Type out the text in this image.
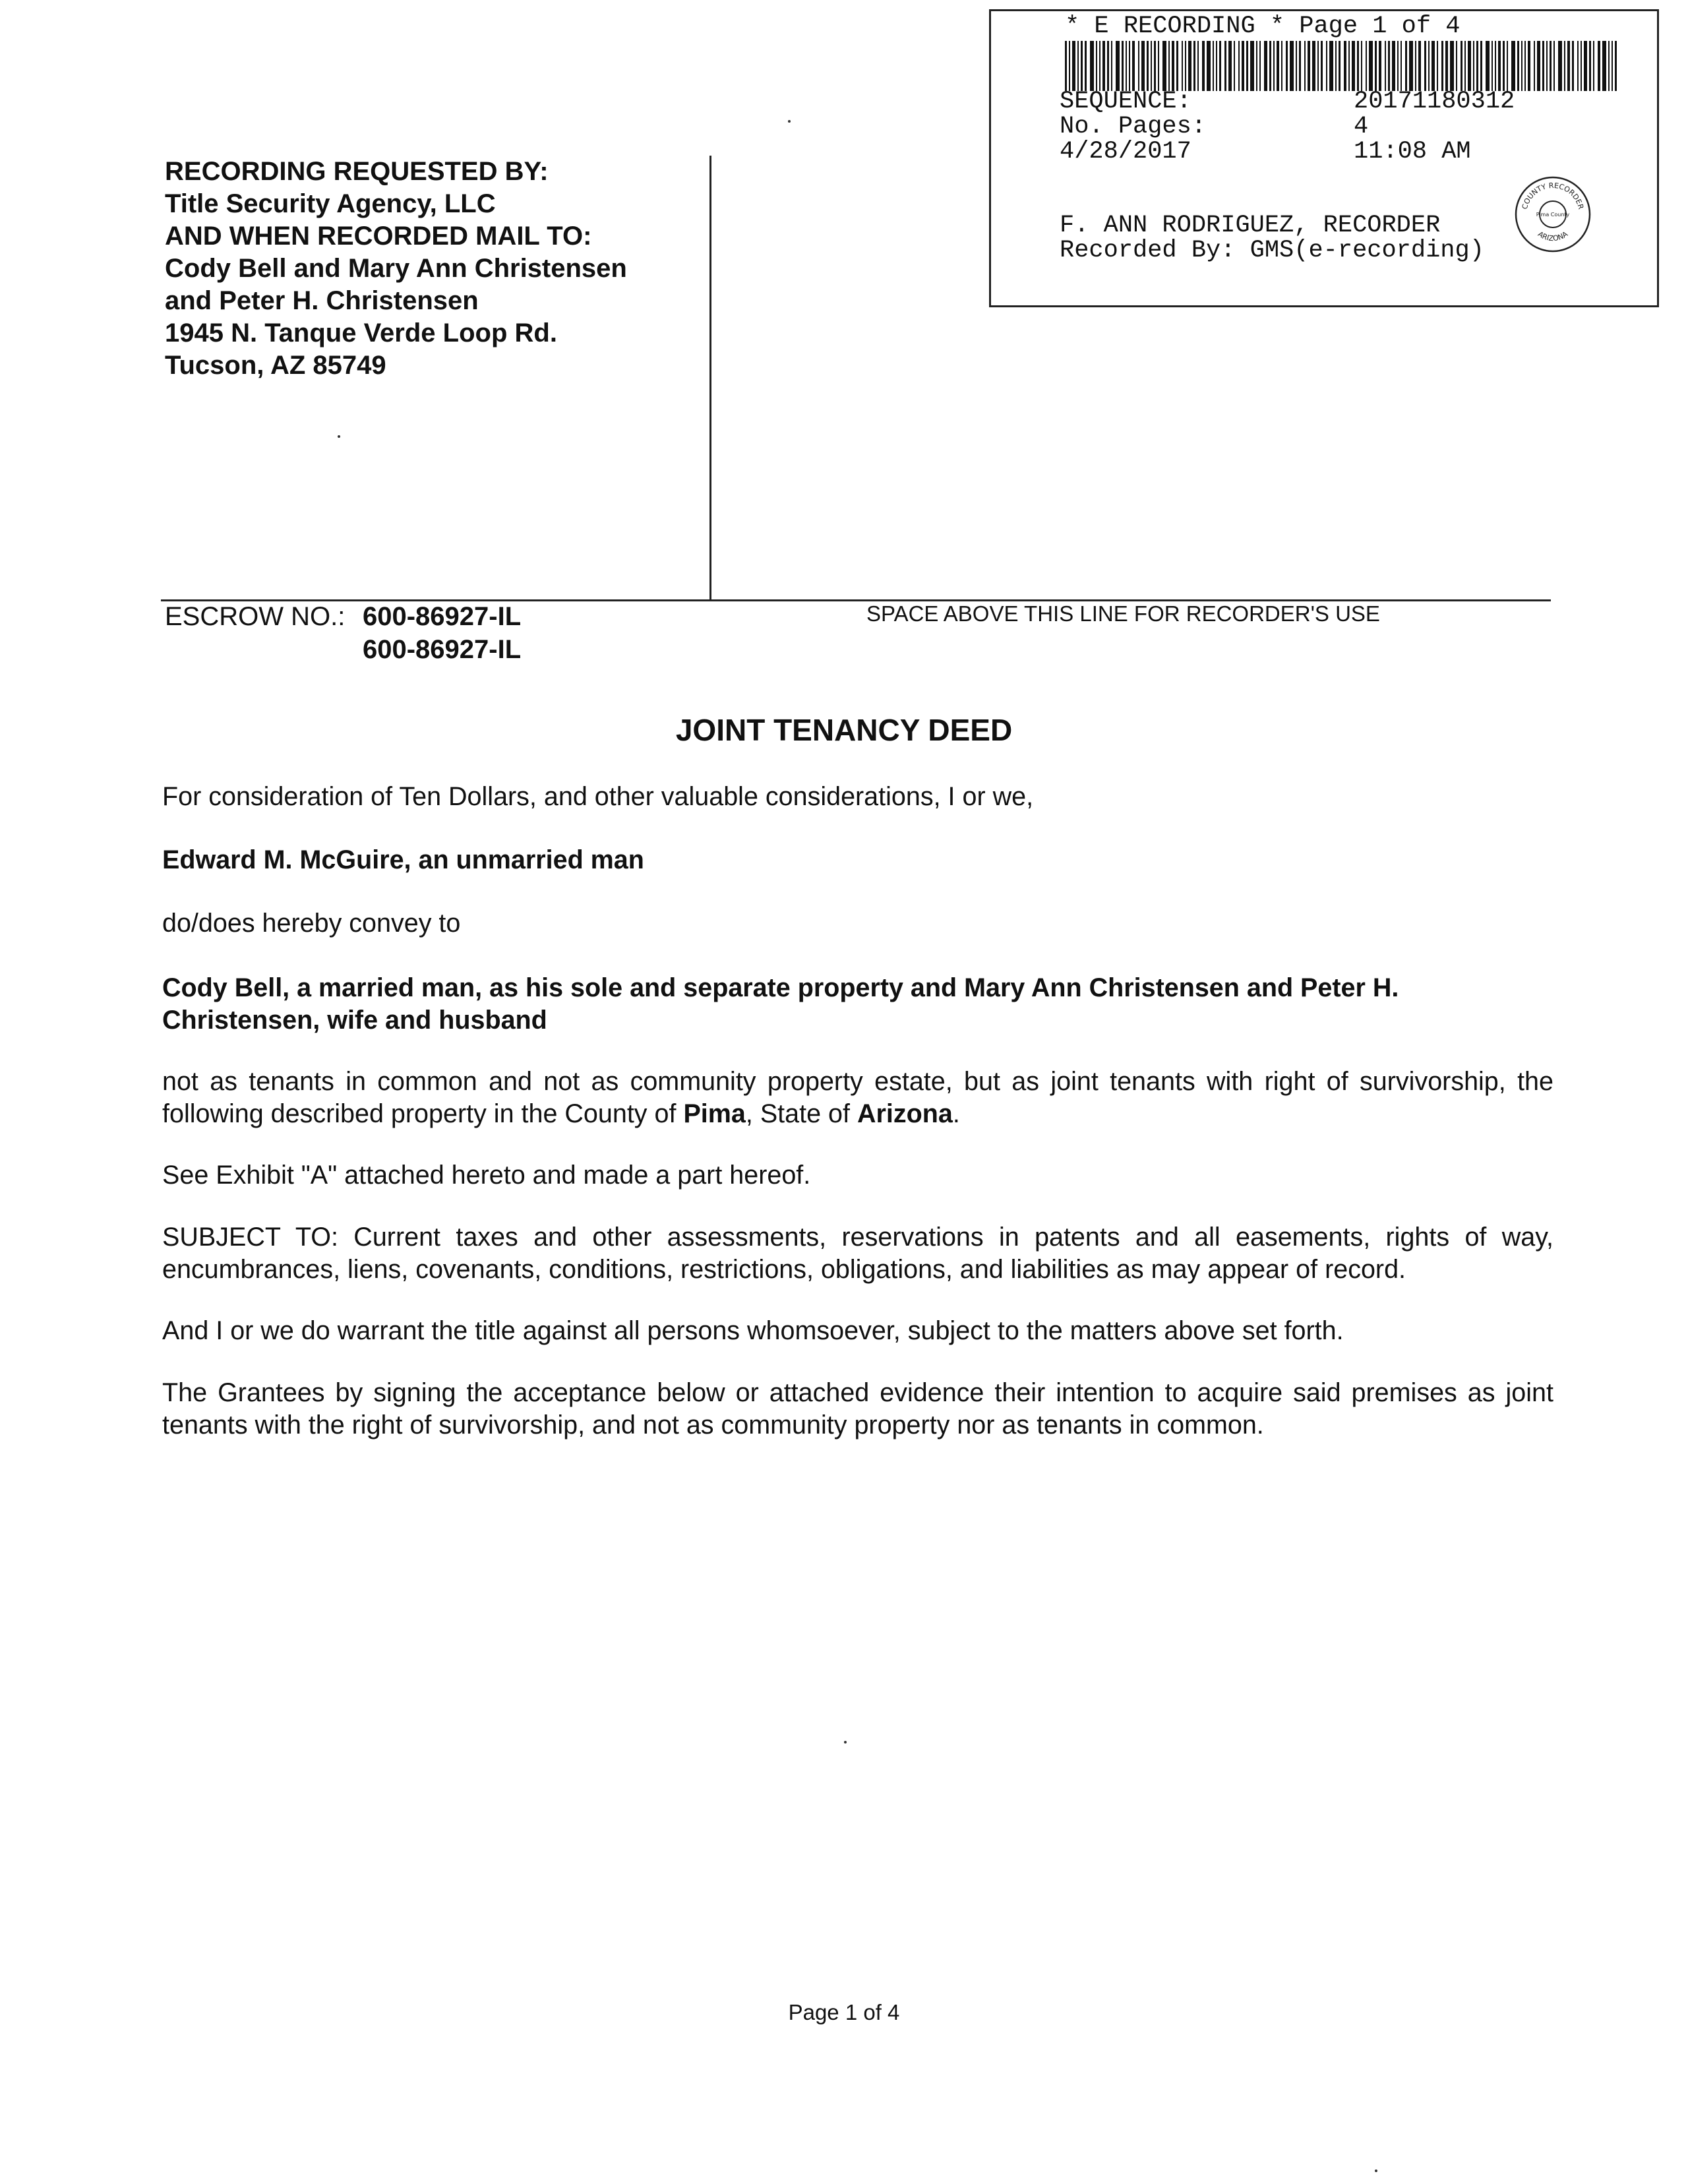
* E RECORDING * Page 1 of 4
SEQUENCE:	20171180312
No. Pages:	4
4/28/2017	11:08 AM
F. ANN RODRIGUEZ, RECORDER
Recorded By: GMS(e-recording)
COUNTY RECORDER
Pima County
ARIZONA
RECORDING REQUESTED BY:
Title Security Agency, LLC
AND WHEN RECORDED MAIL TO:
Cody Bell and Mary Ann Christensen
and Peter H. Christensen
1945 N. Tanque Verde Loop Rd.
Tucson, AZ 85749
ESCROW NO.: 600-86927-IL
600-86927-IL
SPACE ABOVE THIS LINE FOR RECORDER'S USE
JOINT TENANCY DEED
For consideration of Ten Dollars, and other valuable considerations, I or we,
Edward M. McGuire, an unmarried man
do/does hereby convey to
Cody Bell, a married man, as his sole and separate property and Mary Ann Christensen and Peter H. Christensen, wife and husband
not as tenants in common and not as community property estate, but as joint tenants with right of survivorship, the following described property in the County of Pima, State of Arizona.
See Exhibit "A" attached hereto and made a part hereof.
SUBJECT TO: Current taxes and other assessments, reservations in patents and all easements, rights of way, encumbrances, liens, covenants, conditions, restrictions, obligations, and liabilities as may appear of record.
And I or we do warrant the title against all persons whomsoever, subject to the matters above set forth.
The Grantees by signing the acceptance below or attached evidence their intention to acquire said premises as joint tenants with the right of survivorship, and not as community property nor as tenants in common.
Page 1 of 4
